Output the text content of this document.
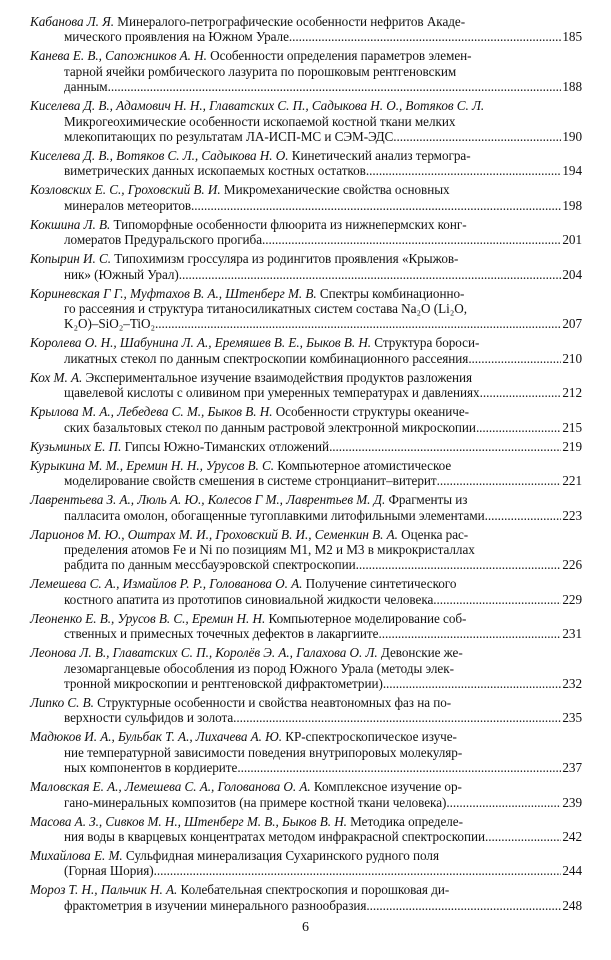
Кабанова Л. Я. Минералого-петрографические особенности нефритов Акаде-
мического проявления на Южном Урале .....	185
Канева Е. В., Сапожников А. Н. Особенности определения параметров элемен-
тарной ячейки ромбического лазурита по порошковым рентгеновским
данным .....	188
Киселева Д. В., Адамович Н. Н., Главатских С. П., Садыкова Н. О., Вотяков С. Л.
Микрогеохимические особенности ископаемой костной ткани мелких
млекопитающих по результатам ЛА-ИСП-МС и СЭМ-ЭДС .....	190
Киселева Д. В., Вотяков С. Л., Садыкова Н. О. Кинетический анализ термогра-
виметрических данных ископаемых костных остатков .....	194
Козловских Е. С., Гроховский В. И. Микромеханические свойства основных
минералов метеоритов .....	198
Кокшина Л. В. Типоморфные особенности флюорита из нижнепермских конг-
ломератов Предуральского прогиба .....	201
Копырин И. С. Типохимизм гроссуляра из родингитов проявления «Крыжов-
ник» (Южный Урал) .....	204
Кориневская Г Г., Муфтахов В. А., Штенберг М. В. Спектры комбинационно-
го рассеяния и структура титаносиликатных систем состава Na₂O (Li₂O,
K₂O)–SiO₂–TiO₂ .....	207
Королева О. Н., Шабунина Л. А., Еремяшев В. Е., Быков В. Н. Структура бороси-
ликатных стекол по данным спектроскопии комбинационного рассеяния .....	210
Кох М. А. Экспериментальное изучение взаимодействия продуктов разложения
щавелевой кислоты с оливином при умеренных температурах и давлениях .....	212
Крылова М. А., Лебедева С. М., Быков В. Н. Особенности структуры океаниче-
ских базальтовых стекол по данным растровой электронной микроскопии .....	215
Кузьминых Е. П. Гипсы Южно-Тиманских отложений .....	219
Курыкина М. М., Еремин Н. Н., Урусов В. С. Компьютерное атомистическое
моделирование свойств смешения в системе стронцианит–витерит .....	221
Лаврентьева З. А., Люль А. Ю., Колесов Г М., Лаврентьев М. Д. Фрагменты из
палласита омолон, обогащенные тугоплавкими литофильными элементами .....	223
Ларионов М. Ю., Оштрах М. И., Гроховский В. И., Семенкин В. А. Оценка рас-
пределения атомов Fe и Ni по позициям M1, M2 и M3 в микрокристаллах
рабдита по данным мессбауэровской спектроскопии .....	226
Лемешева С. А., Измайлов Р. Р., Голованова О. А. Получение синтетического
костного апатита из прототипов синовиальной жидкости человека .....	229
Леоненко Е. В., Урусов В. С., Еремин Н. Н. Компьютерное моделирование соб-
ственных и примесных точечных дефектов в лакаргиите .....	231
Леонова Л. В., Главатских С. П., Королёв Э. А., Галахова О. Л. Девонские же-
лезомарганцевые обособления из пород Южного Урала (методы элек-
тронной микроскопии и рентгеновской дифрактометрии) .....	232
Липко С. В. Структурные особенности и свойства неавтономных фаз на по-
верхности сульфидов и золота .....	235
Мадюков И. А., Бульбак Т. А., Лихачева А. Ю. КР-спектроскопическое изуче-
ние температурной зависимости поведения внутрипоровых молекуляр-
ных компонентов в кордиерите .....	237
Маловская Е. А., Лемешева С. А., Голованова О. А. Комплексное изучение ор-
гано-минеральных композитов (на примере костной ткани человека) .....	239
Масова А. З., Сивков М. Н., Штенберг М. В., Быков В. Н. Методика определе-
ния воды в кварцевых концентратах методом инфракрасной спектроскопии .....	242
Михайлова Е. М. Сульфидная минерализация Сухаринского рудного поля
(Горная Шория) .....	244
Мороз Т. Н., Пальчик Н. А. Колебательная спектроскопия и порошковая ди-
фрактометрия в изучении минерального разнообразия .....	248
6
